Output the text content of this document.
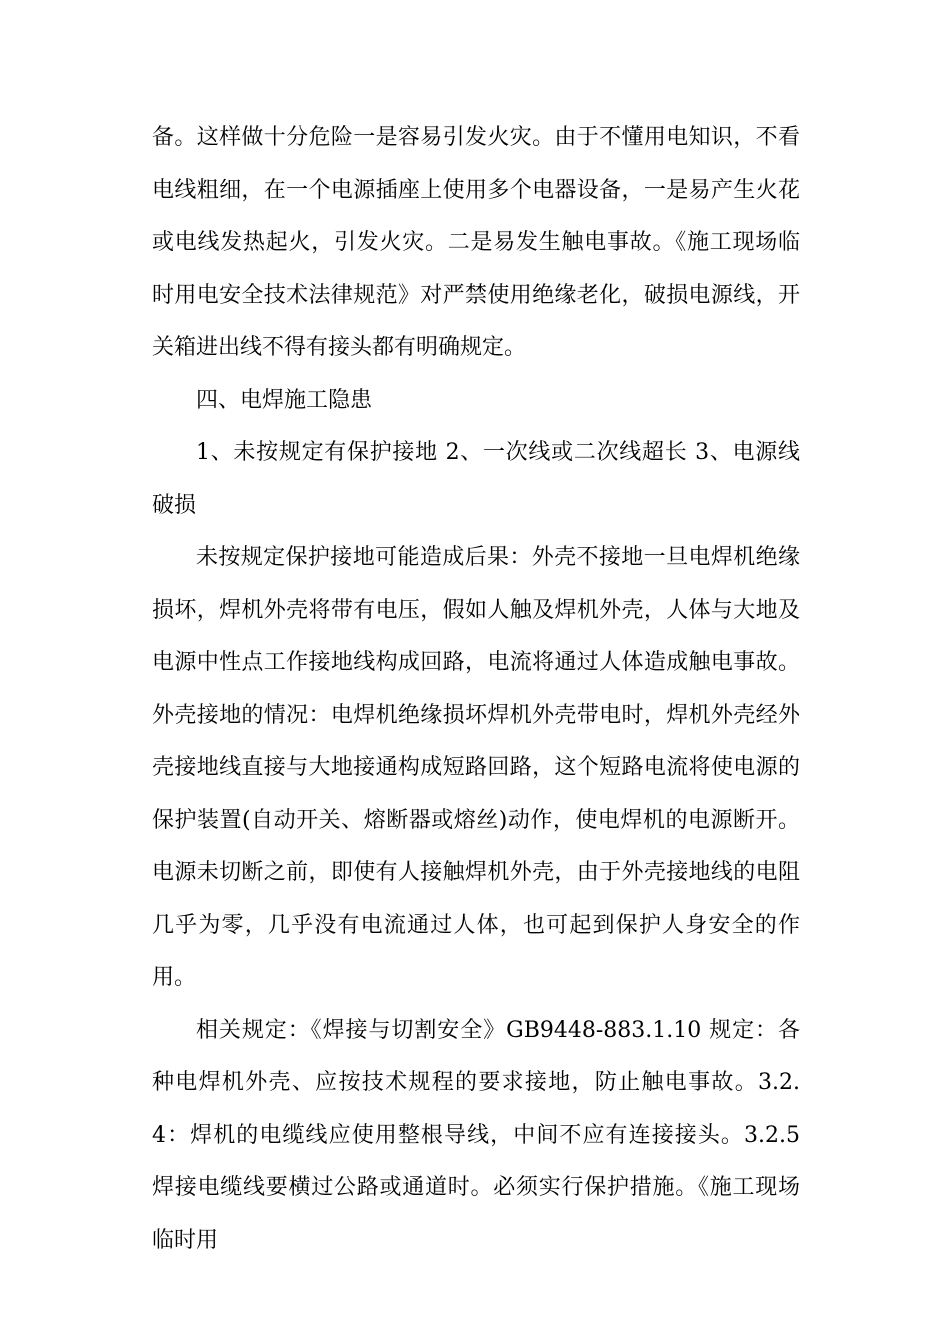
备。这样做十分危险一是容易引发火灾。由于不懂用电知识，不看电线粗细，在一个电源插座上使用多个电器设备，一是易产生火花或电线发热起火，引发火灾。二是易发生触电事故。《施工现场临时用电安全技术法律规范》对严禁使用绝缘老化，破损电源线，开关箱进出线不得有接头都有明确规定。

四、电焊施工隐患

1、未按规定有保护接地 2、一次线或二次线超长 3、电源线破损

未按规定保护接地可能造成后果：外壳不接地一旦电焊机绝缘损坏，焊机外壳将带有电压，假如人触及焊机外壳，人体与大地及电源中性点工作接地线构成回路，电流将通过人体造成触电事故。外壳接地的情况：电焊机绝缘损坏焊机外壳带电时，焊机外壳经外壳接地线直接与大地接通构成短路回路，这个短路电流将使电源的保护装置(自动开关、熔断器或熔丝)动作，使电焊机的电源断开。电源未切断之前，即使有人接触焊机外壳，由于外壳接地线的电阻几乎为零，几乎没有电流通过人体，也可起到保护人身安全的作用。

相关规定：《焊接与切割安全》GB9448-883.1.10 规定：各种电焊机外壳、应按技术规程的要求接地，防止触电事故。3.2.4：焊机的电缆线应使用整根导线，中间不应有连接接头。3.2.5 焊接电缆线要横过公路或通道时。必须实行保护措施。《施工现场临时用
